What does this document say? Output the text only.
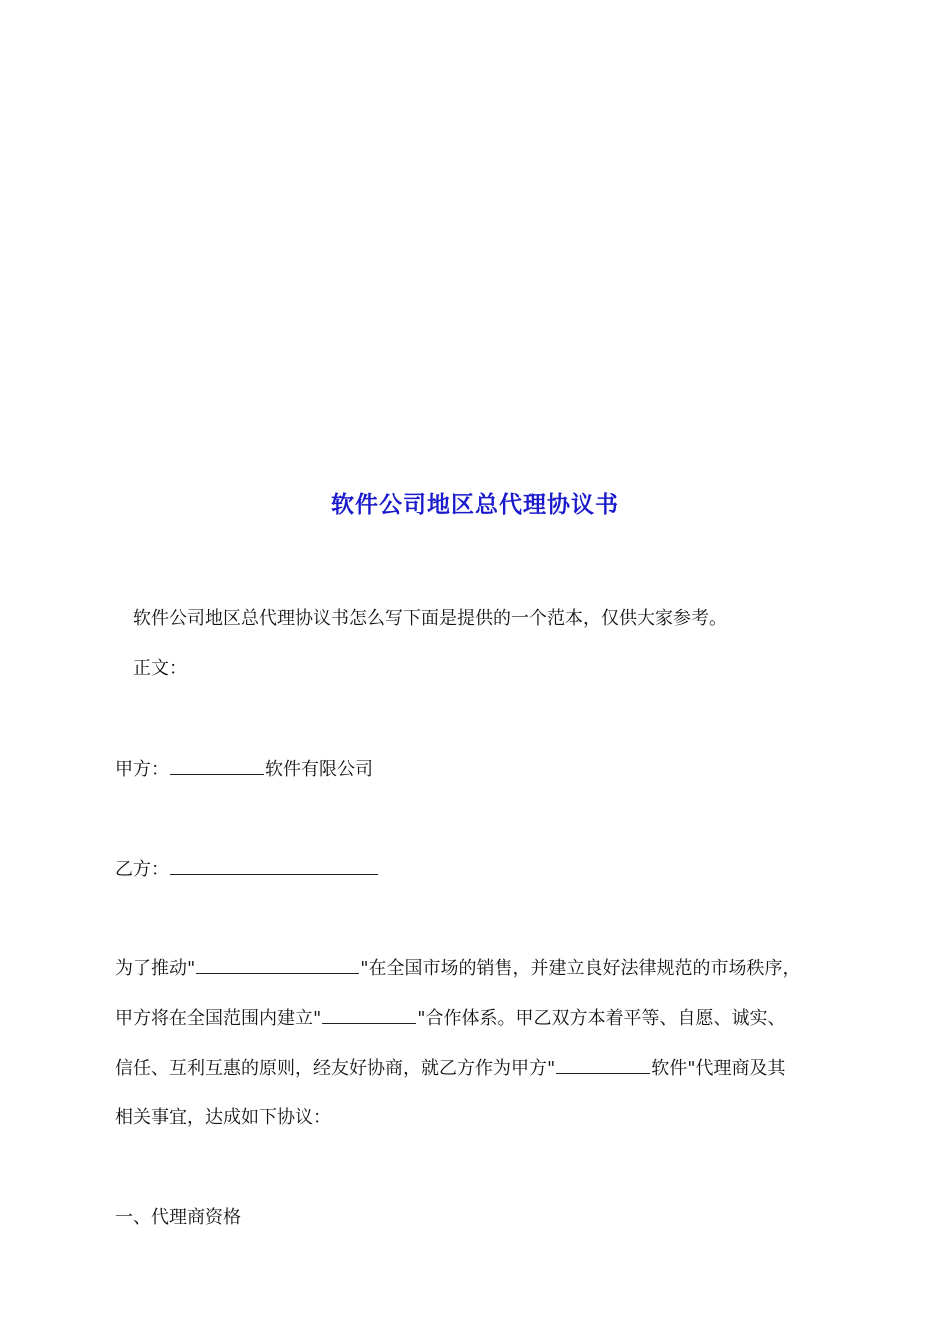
软件公司地区总代理协议书
软件公司地区总代理协议书怎么写下面是提供的一个范本，仅供大家参考。
正文：
甲方：	软件有限公司
乙方：
为了推动"	"在全国市场的销售，并建立良好法律规范的市场秩序，
甲方将在全国范围内建立"	"合作体系。甲乙双方本着平等、自愿、诚实、
信任、互利互惠的原则，经友好协商，就乙方作为甲方"	软件"代理商及其
相关事宜，达成如下协议：
一、代理商资格
